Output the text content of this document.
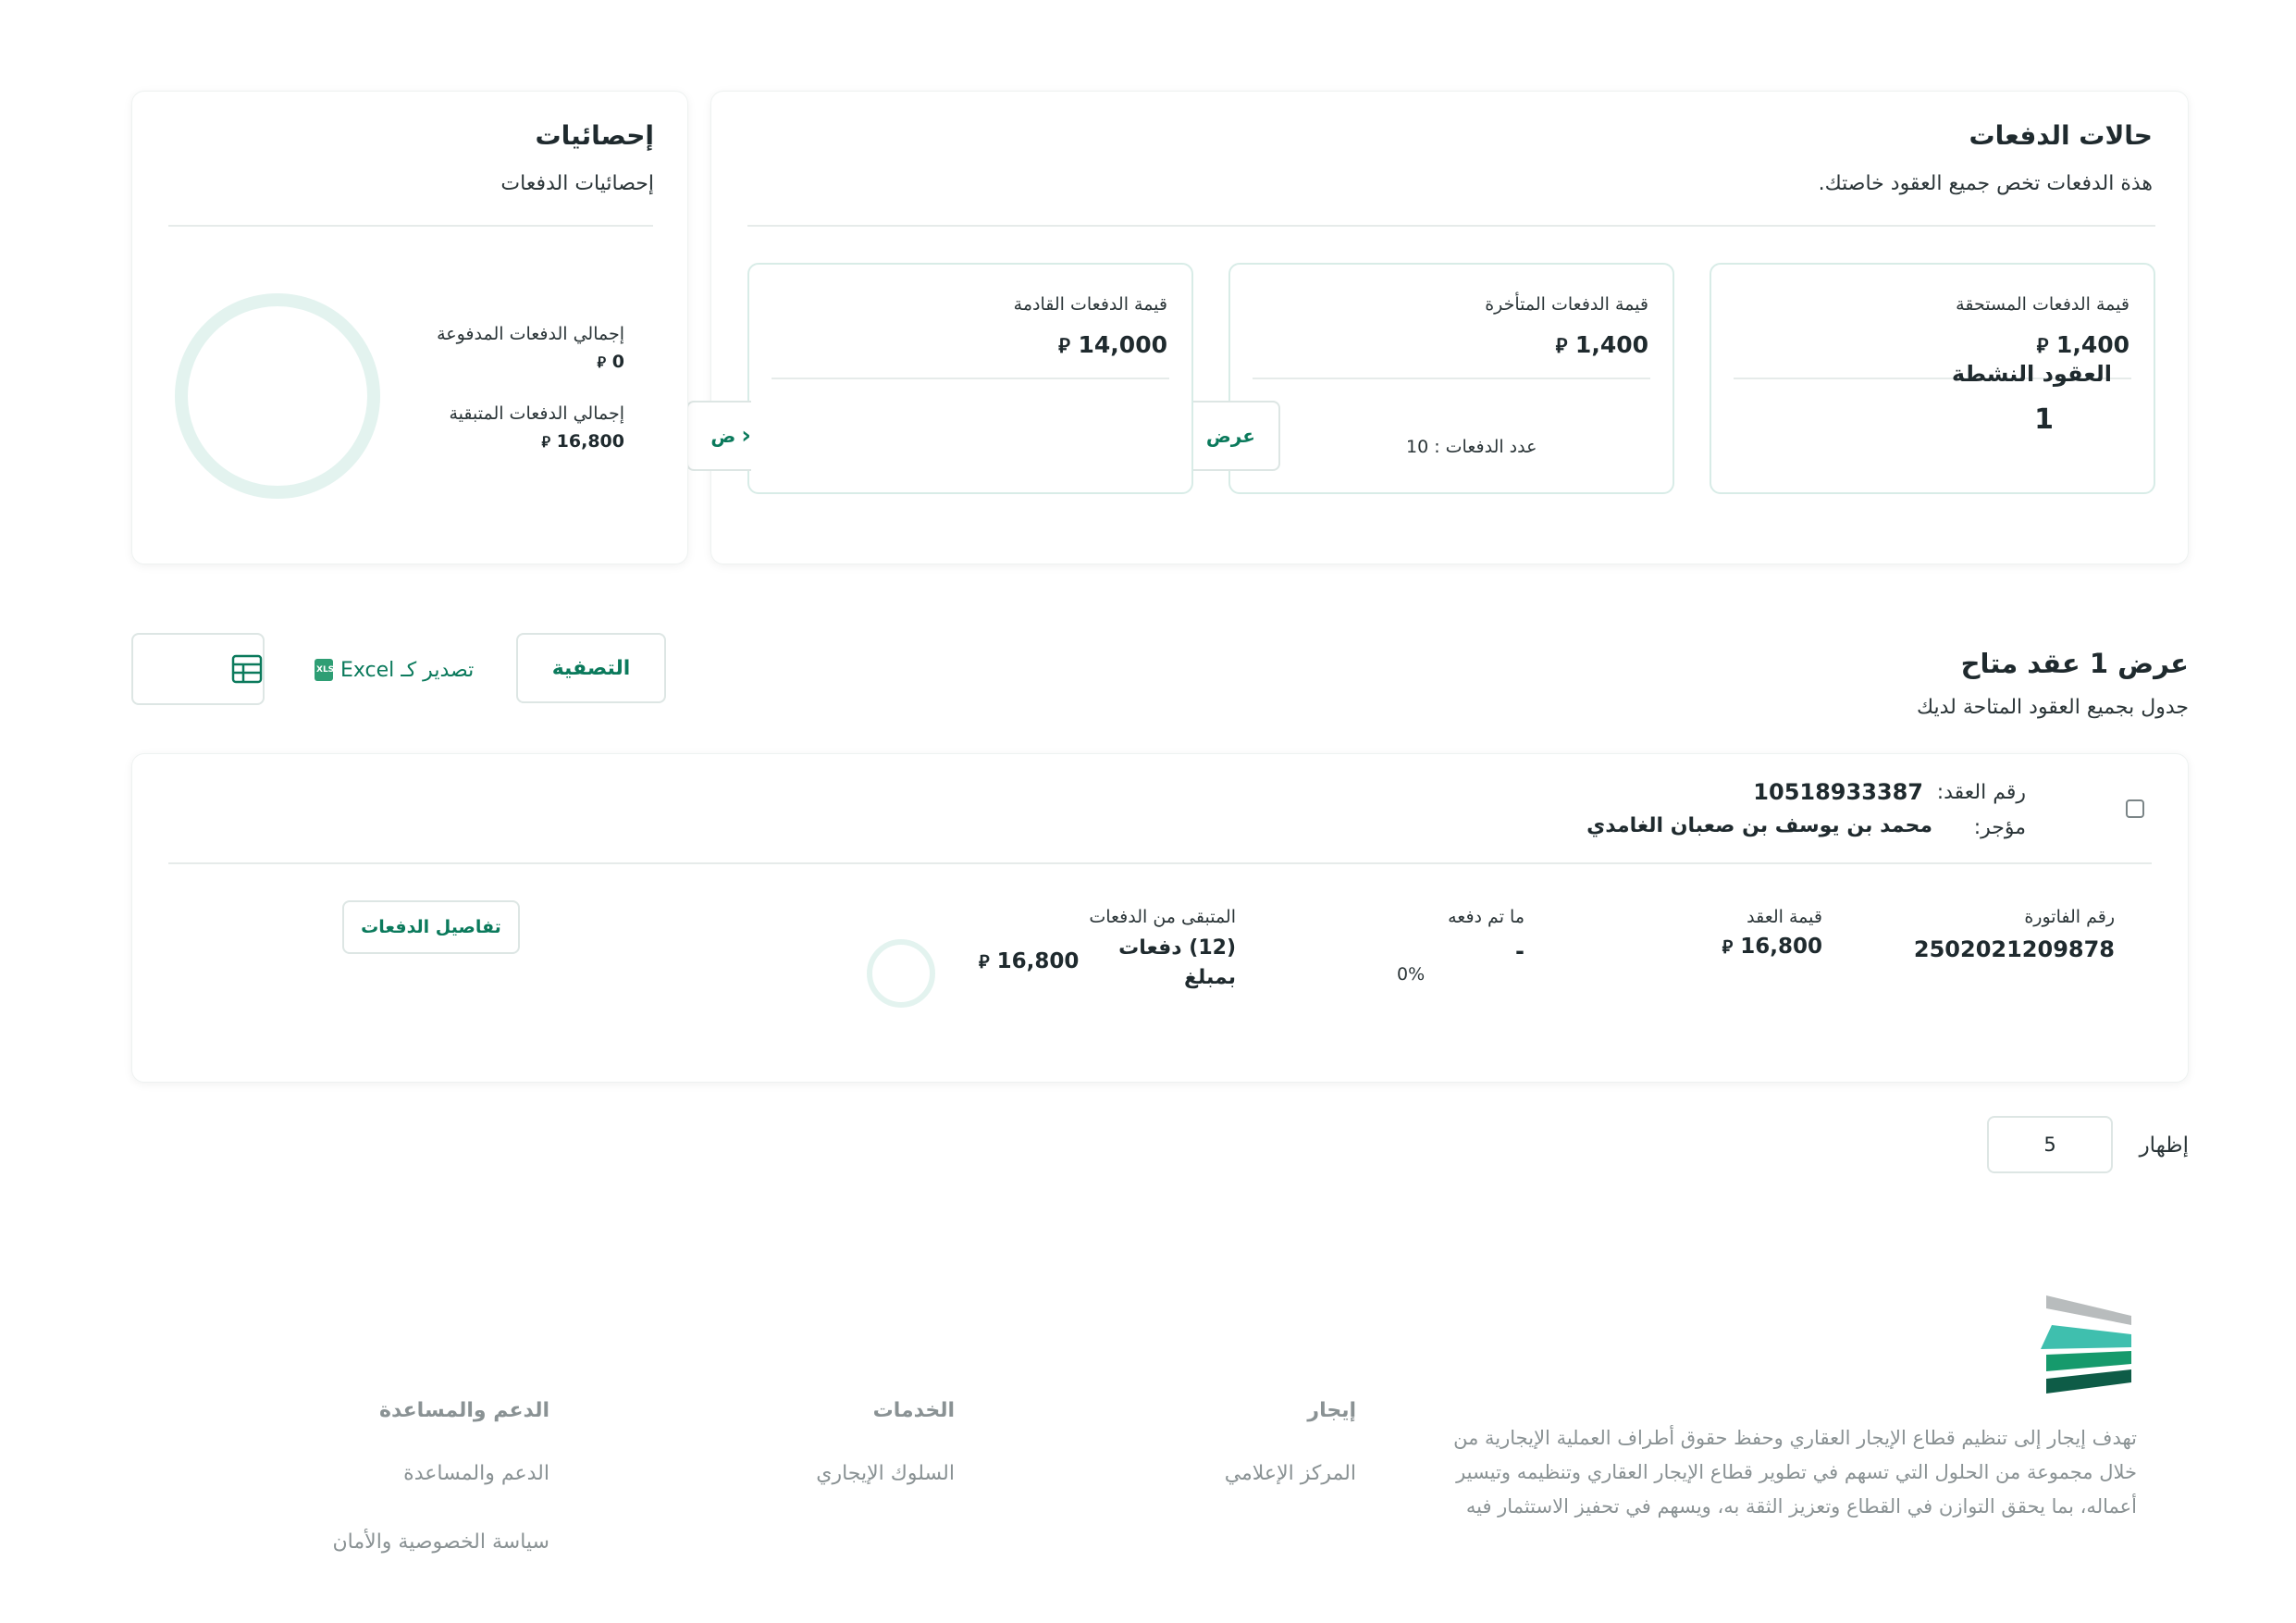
حالات الدفعات
هذة الدفعات تخص جميع العقود خاصتك.
قيمة الدفعات المستحقة
1,400 ⃁
العقود النشطة
1
قيمة الدفعات المتأخرة
1,400 ⃁
عدد الدفعات : 10
عرض
قيمة الدفعات القادمة
14,000 ⃁
‹
ض
إحصائيات
إحصائيات الدفعات
إجمالي الدفعات المدفوعة
0 ⃁
إجمالي الدفعات المتبقية
16,800 ⃁
عرض 1 عقد متاح
جدول بجميع العقود المتاحة لديك
التصفية
تصدير كـ Excel
XLS
رقم العقد:
10518933387
مؤجر:
محمد بن يوسف بن صعبان الغامدي
رقم الفاتورة
2502021209878
قيمة العقد
16,800 ⃁
ما تم دفعه
-
0%
المتبقى من الدفعات
(12) دفعات
بمبلغ
16,800 ⃁
تفاصيل الدفعات
إظهار
5
تهدف إيجار إلى تنظيم قطاع الإيجار العقاري وحفظ حقوق أطراف العملية الإيجارية من خلال مجموعة من الحلول التي تسهم في تطوير قطاع الإيجار العقاري وتنظيمه وتيسير أعماله، بما يحقق التوازن في القطاع وتعزيز الثقة به، ويسهم في تحفيز الاستثمار فيه
إيجار
المركز الإعلامي
الخدمات
السلوك الإيجاري
الدعم والمساعدة
الدعم والمساعدة
سياسة الخصوصية والأمان
